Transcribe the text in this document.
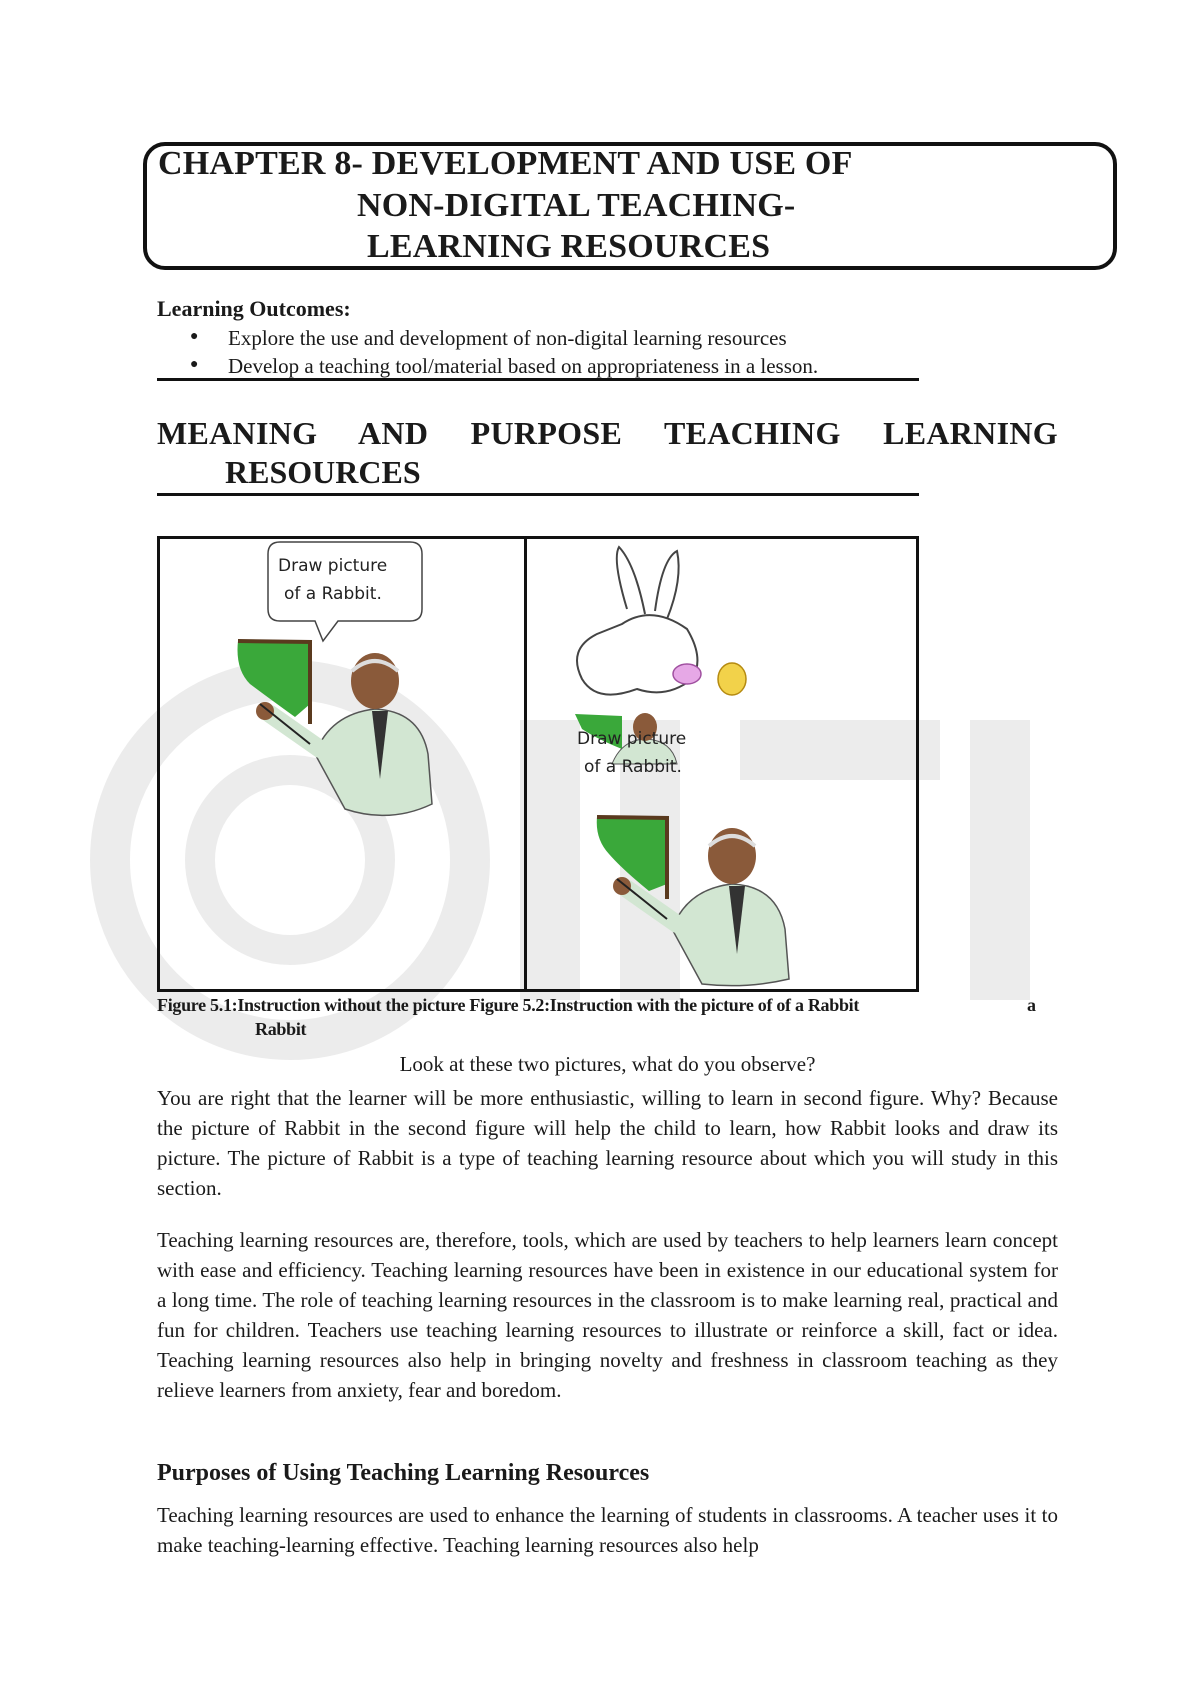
CHAPTER 8- DEVELOPMENT AND USE OF
NON-DIGITAL TEACHING-
LEARNING RESOURCES
Learning Outcomes:
● Explore the use and development of non-digital learning resources
● Develop a teaching tool/material based on appropriateness in a lesson.
MEANING AND PURPOSE TEACHING LEARNING
RESOURCES
Draw picture
of a Rabbit.
Draw picture
of a Rabbit.
Figure 5.1:Instruction without the picture Figure 5.2:Instruction with the picture of of a Rabbit	a
Rabbit
Look at these two pictures, what do you observe?

You are right that the learner will be more enthusiastic, willing to learn in second figure. Why? Because the picture of Rabbit in the second figure will help the child to learn, how Rabbit looks and draw its picture. The picture of Rabbit is a type of teaching learning resource about which you will study in this section.

Teaching learning resources are, therefore, tools, which are used by teachers to help learners learn concept with ease and efficiency. Teaching learning resources have been in existence in our educational system for a long time. The role of teaching learning resources in the classroom is to make learning real, practical and fun for children. Teachers use teaching learning resources to illustrate or reinforce a skill, fact or idea. Teaching learning resources also help in bringing novelty and freshness in classroom teaching as they relieve learners from anxiety, fear and boredom.

Purposes of Using Teaching Learning Resources

Teaching learning resources are used to enhance the learning of students in classrooms. A teacher uses it to make teaching-learning effective. Teaching learning resources also help
